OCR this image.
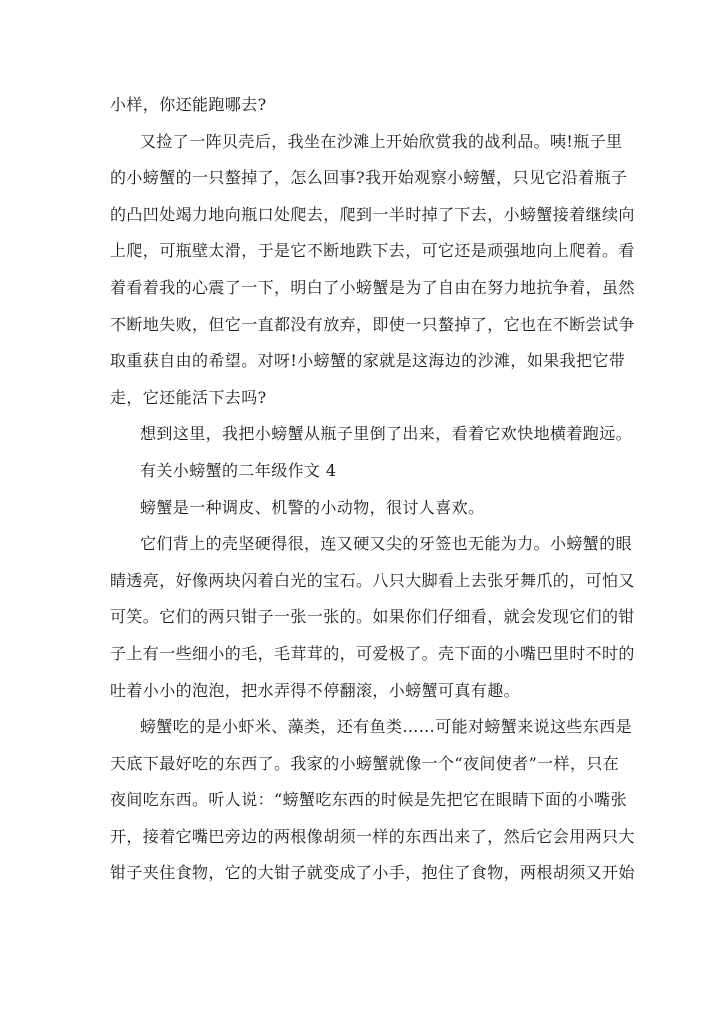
小样，你还能跑哪去?
又捡了一阵贝壳后，我坐在沙滩上开始欣赏我的战利品。咦!瓶子里
的小螃蟹的一只螯掉了，怎么回事?我开始观察小螃蟹，只见它沿着瓶子
的凸凹处竭力地向瓶口处爬去，爬到一半时掉了下去，小螃蟹接着继续向
上爬，可瓶壁太滑，于是它不断地跌下去，可它还是顽强地向上爬着。看
着看着我的心震了一下，明白了小螃蟹是为了自由在努力地抗争着，虽然
不断地失败，但它一直都没有放弃，即使一只螯掉了，它也在不断尝试争
取重获自由的希望。对呀!小螃蟹的家就是这海边的沙滩，如果我把它带
走，它还能活下去吗?
想到这里，我把小螃蟹从瓶子里倒了出来，看着它欢快地横着跑远。
有关小螃蟹的二年级作文 4
螃蟹是一种调皮、机警的小动物，很讨人喜欢。
它们背上的壳坚硬得很，连又硬又尖的牙签也无能为力。小螃蟹的眼
睛透亮，好像两块闪着白光的宝石。八只大脚看上去张牙舞爪的，可怕又
可笑。它们的两只钳子一张一张的。如果你们仔细看，就会发现它们的钳
子上有一些细小的毛，毛茸茸的，可爱极了。壳下面的小嘴巴里时不时的
吐着小小的泡泡，把水弄得不停翻滚，小螃蟹可真有趣。
螃蟹吃的是小虾米、藻类，还有鱼类……可能对螃蟹来说这些东西是
天底下最好吃的东西了。我家的小螃蟹就像一个“夜间使者”一样，只在
夜间吃东西。听人说：“螃蟹吃东西的时候是先把它在眼睛下面的小嘴张
开，接着它嘴巴旁边的两根像胡须一样的东西出来了，然后它会用两只大
钳子夹住食物，它的大钳子就变成了小手，抱住了食物，两根胡须又开始
